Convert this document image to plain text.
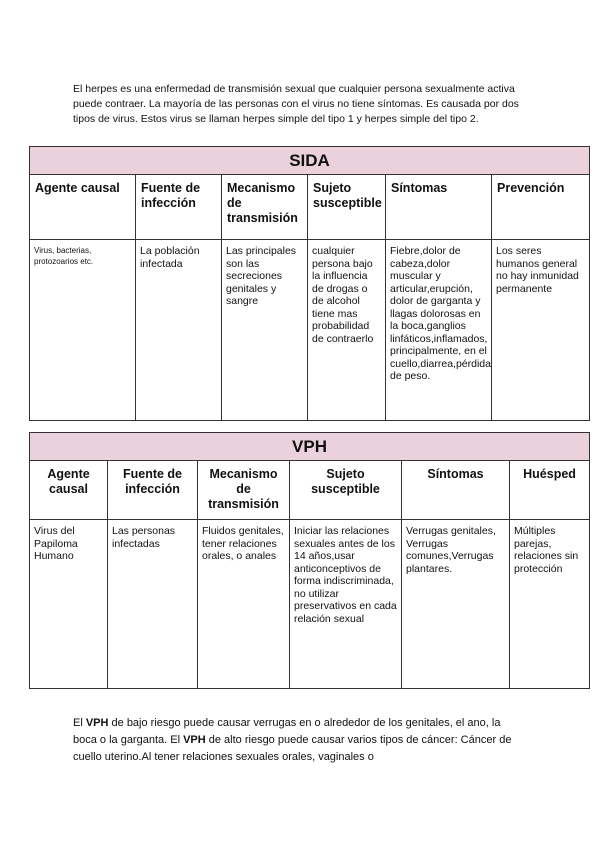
El herpes es una enfermedad de transmisión sexual que cualquier persona sexualmente activa puede contraer. La mayoría de las personas con el virus no tiene síntomas. Es causada por dos tipos de virus. Estos virus se llaman herpes simple del tipo 1 y herpes simple del tipo 2.

SIDA					
Agente causal	Fuente de infección	Mecanismo de transmisión	Sujeto susceptible	Síntomas	Prevención
Virus, bacterias, protozoarios etc.	La población infectada	Las principales son las secreciones genitales y sangre	cualquier persona bajo la influencia de drogas o de alcohol tiene mas probabilidad de contraerlo	Fiebre,dolor de cabeza,dolor muscular y articular,erupción, dolor de garganta y llagas dolorosas en la boca,ganglios linfáticos,inflamados, principalmente, en el cuello,diarrea,pérdida de peso.	Los seres humanos general no hay inmunidad permanente
VPH					
Agente causal	Fuente de infección	Mecanismo de transmisión	Sujeto susceptible	Síntomas	Huésped
Virus del Papiloma Humano	Las personas infectadas	Fluidos genitales, tener relaciones orales, o anales	Iniciar las relaciones sexuales antes de los 14 años,usar anticonceptivos de forma indiscriminada, no utilizar preservativos en cada relación sexual	Verrugas genitales, Verrugas comunes,Verrugas plantares.	Múltiples parejas, relaciones sin protección

El VPH de bajo riesgo puede causar verrugas en o alrededor de los genitales, el ano, la boca o la garganta. El VPH de alto riesgo puede causar varios tipos de cáncer: Cáncer de cuello uterino.Al tener relaciones sexuales orales, vaginales o
